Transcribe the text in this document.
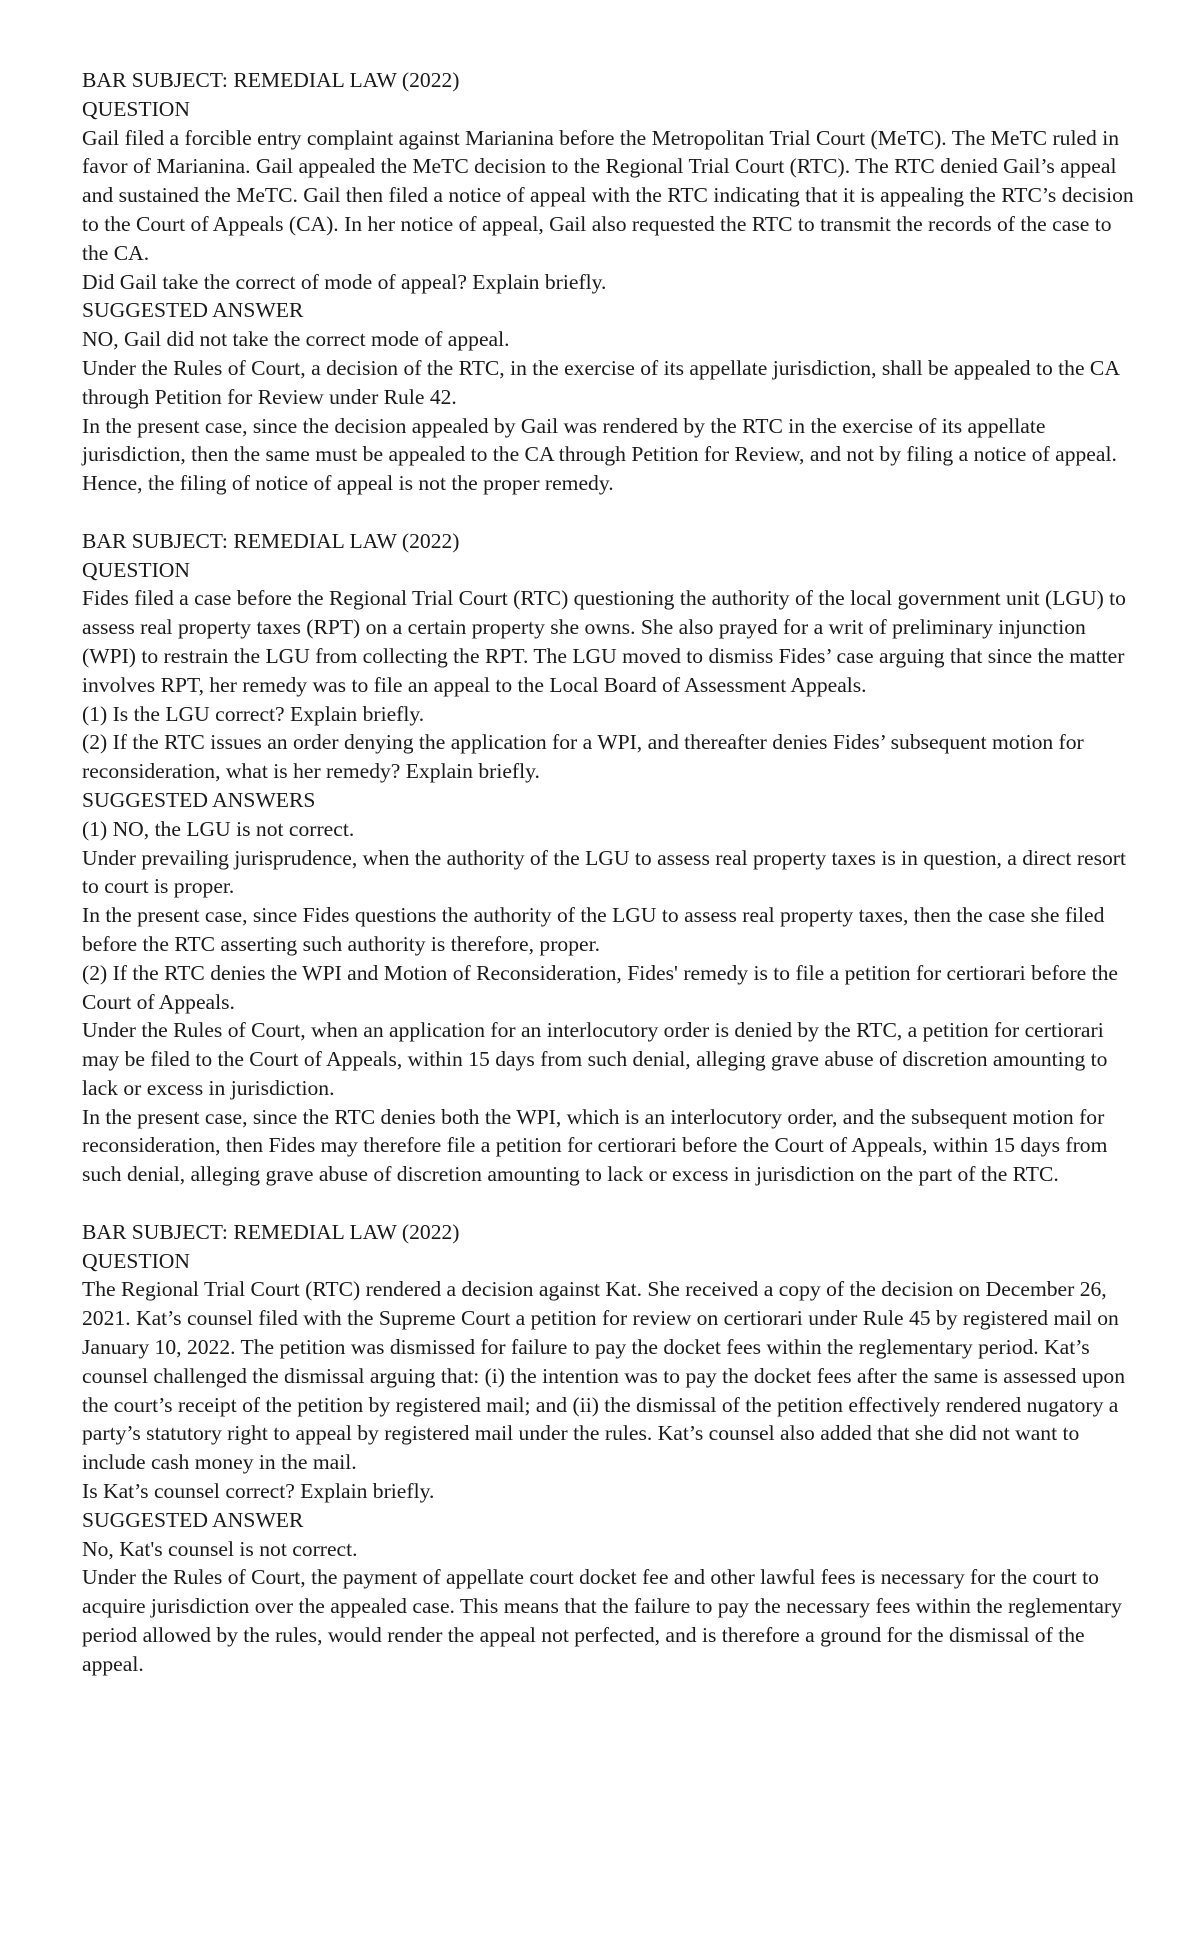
BAR SUBJECT: REMEDIAL LAW (2022)

QUESTION

Gail filed a forcible entry complaint against Marianina before the Metropolitan Trial Court (MeTC). The MeTC ruled in favor of Marianina. Gail appealed the MeTC decision to the Regional Trial Court (RTC). The RTC denied Gail’s appeal and sustained the MeTC. Gail then filed a notice of appeal with the RTC indicating that it is appealing the RTC’s decision to the Court of Appeals (CA). In her notice of appeal, Gail also requested the RTC to transmit the records of the case to the CA.

Did Gail take the correct of mode of appeal? Explain briefly.

SUGGESTED ANSWER

NO, Gail did not take the correct mode of appeal.

Under the Rules of Court, a decision of the RTC, in the exercise of its appellate jurisdiction, shall be appealed to the CA through Petition for Review under Rule 42.

In the present case, since the decision appealed by Gail was rendered by the RTC in the exercise of its appellate jurisdiction, then the same must be appealed to the CA through Petition for Review, and not by filing a notice of appeal. Hence, the filing of notice of appeal is not the proper remedy.

BAR SUBJECT: REMEDIAL LAW (2022)

QUESTION

Fides filed a case before the Regional Trial Court (RTC) questioning the authority of the local government unit (LGU) to assess real property taxes (RPT) on a certain property she owns. She also prayed for a writ of preliminary injunction (WPI) to restrain the LGU from collecting the RPT. The LGU moved to dismiss Fides’ case arguing that since the matter involves RPT, her remedy was to file an appeal to the Local Board of Assessment Appeals.

(1) Is the LGU correct? Explain briefly.

(2) If the RTC issues an order denying the application for a WPI, and thereafter denies Fides’ subsequent motion for reconsideration, what is her remedy? Explain briefly.

SUGGESTED ANSWERS

(1) NO, the LGU is not correct.

Under prevailing jurisprudence, when the authority of the LGU to assess real property taxes is in question, a direct resort to court is proper.

In the present case, since Fides questions the authority of the LGU to assess real property taxes, then the case she filed before the RTC asserting such authority is therefore, proper.

(2) If the RTC denies the WPI and Motion of Reconsideration, Fides' remedy is to file a petition for certiorari before the Court of Appeals.

Under the Rules of Court, when an application for an interlocutory order is denied by the RTC, a petition for certiorari may be filed to the Court of Appeals, within 15 days from such denial, alleging grave abuse of discretion amounting to lack or excess in jurisdiction.

In the present case, since the RTC denies both the WPI, which is an interlocutory order, and the subsequent motion for reconsideration, then Fides may therefore file a petition for certiorari before the Court of Appeals, within 15 days from such denial, alleging grave abuse of discretion amounting to lack or excess in jurisdiction on the part of the RTC.

BAR SUBJECT: REMEDIAL LAW (2022)

QUESTION

The Regional Trial Court (RTC) rendered a decision against Kat. She received a copy of the decision on December 26, 2021. Kat’s counsel filed with the Supreme Court a petition for review on certiorari under Rule 45 by registered mail on January 10, 2022. The petition was dismissed for failure to pay the docket fees within the reglementary period. Kat’s counsel challenged the dismissal arguing that: (i) the intention was to pay the docket fees after the same is assessed upon the court’s receipt of the petition by registered mail; and (ii) the dismissal of the petition effectively rendered nugatory a party’s statutory right to appeal by registered mail under the rules. Kat’s counsel also added that she did not want to include cash money in the mail.

Is Kat’s counsel correct? Explain briefly.

SUGGESTED ANSWER

No, Kat's counsel is not correct.

Under the Rules of Court, the payment of appellate court docket fee and other lawful fees is necessary for the court to acquire jurisdiction over the appealed case. This means that the failure to pay the necessary fees within the reglementary period allowed by the rules, would render the appeal not perfected, and is therefore a ground for the dismissal of the appeal.
